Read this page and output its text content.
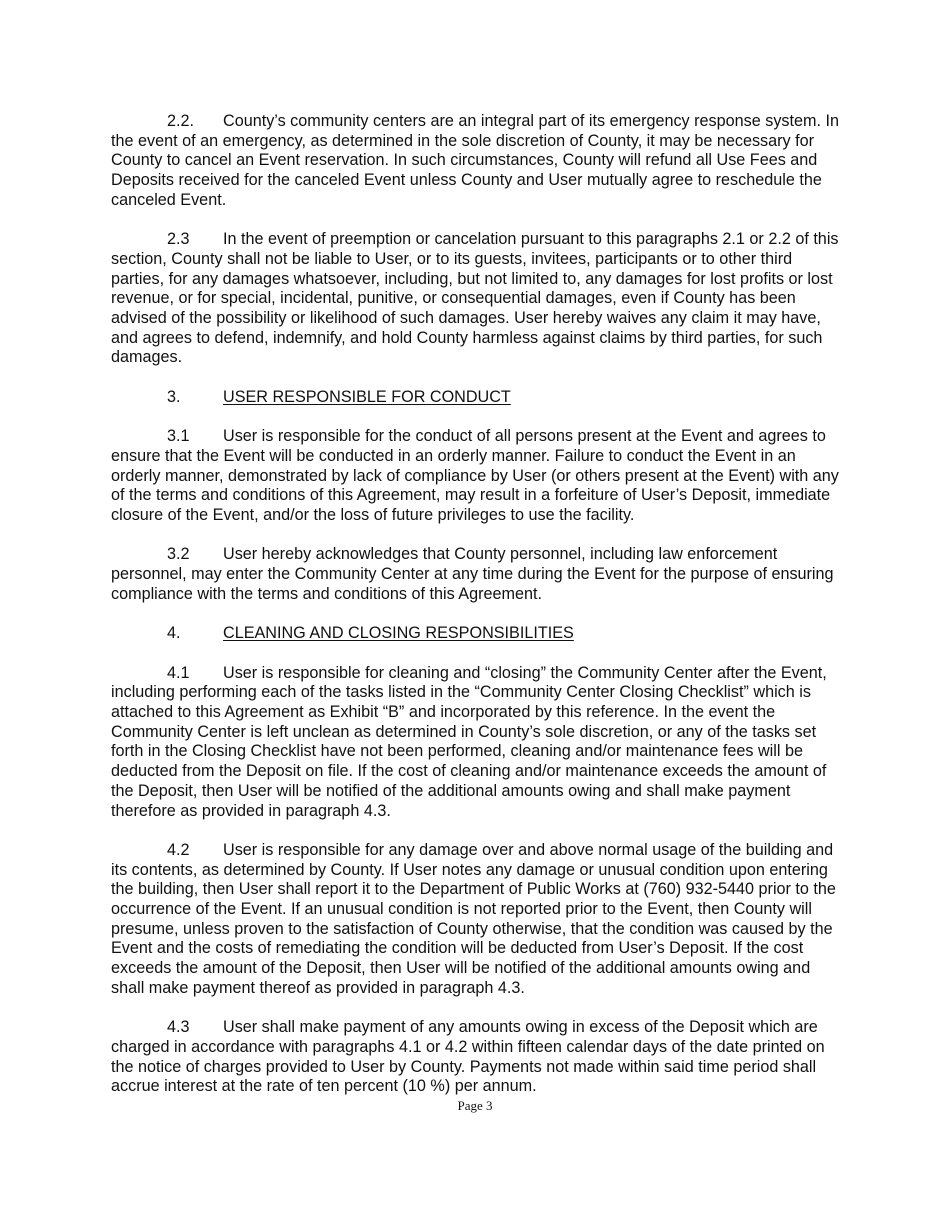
2.2. County’s community centers are an integral part of its emergency response system. In the event of an emergency, as determined in the sole discretion of County, it may be necessary for County to cancel an Event reservation. In such circumstances, County will refund all Use Fees and Deposits received for the canceled Event unless County and User mutually agree to reschedule the canceled Event.

2.3 In the event of preemption or cancelation pursuant to this paragraphs 2.1 or 2.2 of this section, County shall not be liable to User, or to its guests, invitees, participants or to other third parties, for any damages whatsoever, including, but not limited to, any damages for lost profits or lost revenue, or for special, incidental, punitive, or consequential damages, even if County has been advised of the possibility or likelihood of such damages. User hereby waives any claim it may have, and agrees to defend, indemnify, and hold County harmless against claims by third parties, for such damages.

3.	USER RESPONSIBLE FOR CONDUCT

3.1 User is responsible for the conduct of all persons present at the Event and agrees to ensure that the Event will be conducted in an orderly manner. Failure to conduct the Event in an orderly manner, demonstrated by lack of compliance by User (or others present at the Event) with any of the terms and conditions of this Agreement, may result in a forfeiture of User’s Deposit, immediate closure of the Event, and/or the loss of future privileges to use the facility.

3.2 User hereby acknowledges that County personnel, including law enforcement personnel, may enter the Community Center at any time during the Event for the purpose of ensuring compliance with the terms and conditions of this Agreement.

4.	CLEANING AND CLOSING RESPONSIBILITIES

4.1 User is responsible for cleaning and “closing” the Community Center after the Event, including performing each of the tasks listed in the “Community Center Closing Checklist” which is attached to this Agreement as Exhibit “B” and incorporated by this reference. In the event the Community Center is left unclean as determined in County’s sole discretion, or any of the tasks set forth in the Closing Checklist have not been performed, cleaning and/or maintenance fees will be deducted from the Deposit on file. If the cost of cleaning and/or maintenance exceeds the amount of the Deposit, then User will be notified of the additional amounts owing and shall make payment therefore as provided in paragraph 4.3.

4.2 User is responsible for any damage over and above normal usage of the building and its contents, as determined by County. If User notes any damage or unusual condition upon entering the building, then User shall report it to the Department of Public Works at (760) 932-5440 prior to the occurrence of the Event. If an unusual condition is not reported prior to the Event, then County will presume, unless proven to the satisfaction of County otherwise, that the condition was caused by the Event and the costs of remediating the condition will be deducted from User’s Deposit. If the cost exceeds the amount of the Deposit, then User will be notified of the additional amounts owing and shall make payment thereof as provided in paragraph 4.3.

4.3 User shall make payment of any amounts owing in excess of the Deposit which are charged in accordance with paragraphs 4.1 or 4.2 within fifteen calendar days of the date printed on the notice of charges provided to User by County. Payments not made within said time period shall accrue interest at the rate of ten percent (10 %) per annum.

Page 3
